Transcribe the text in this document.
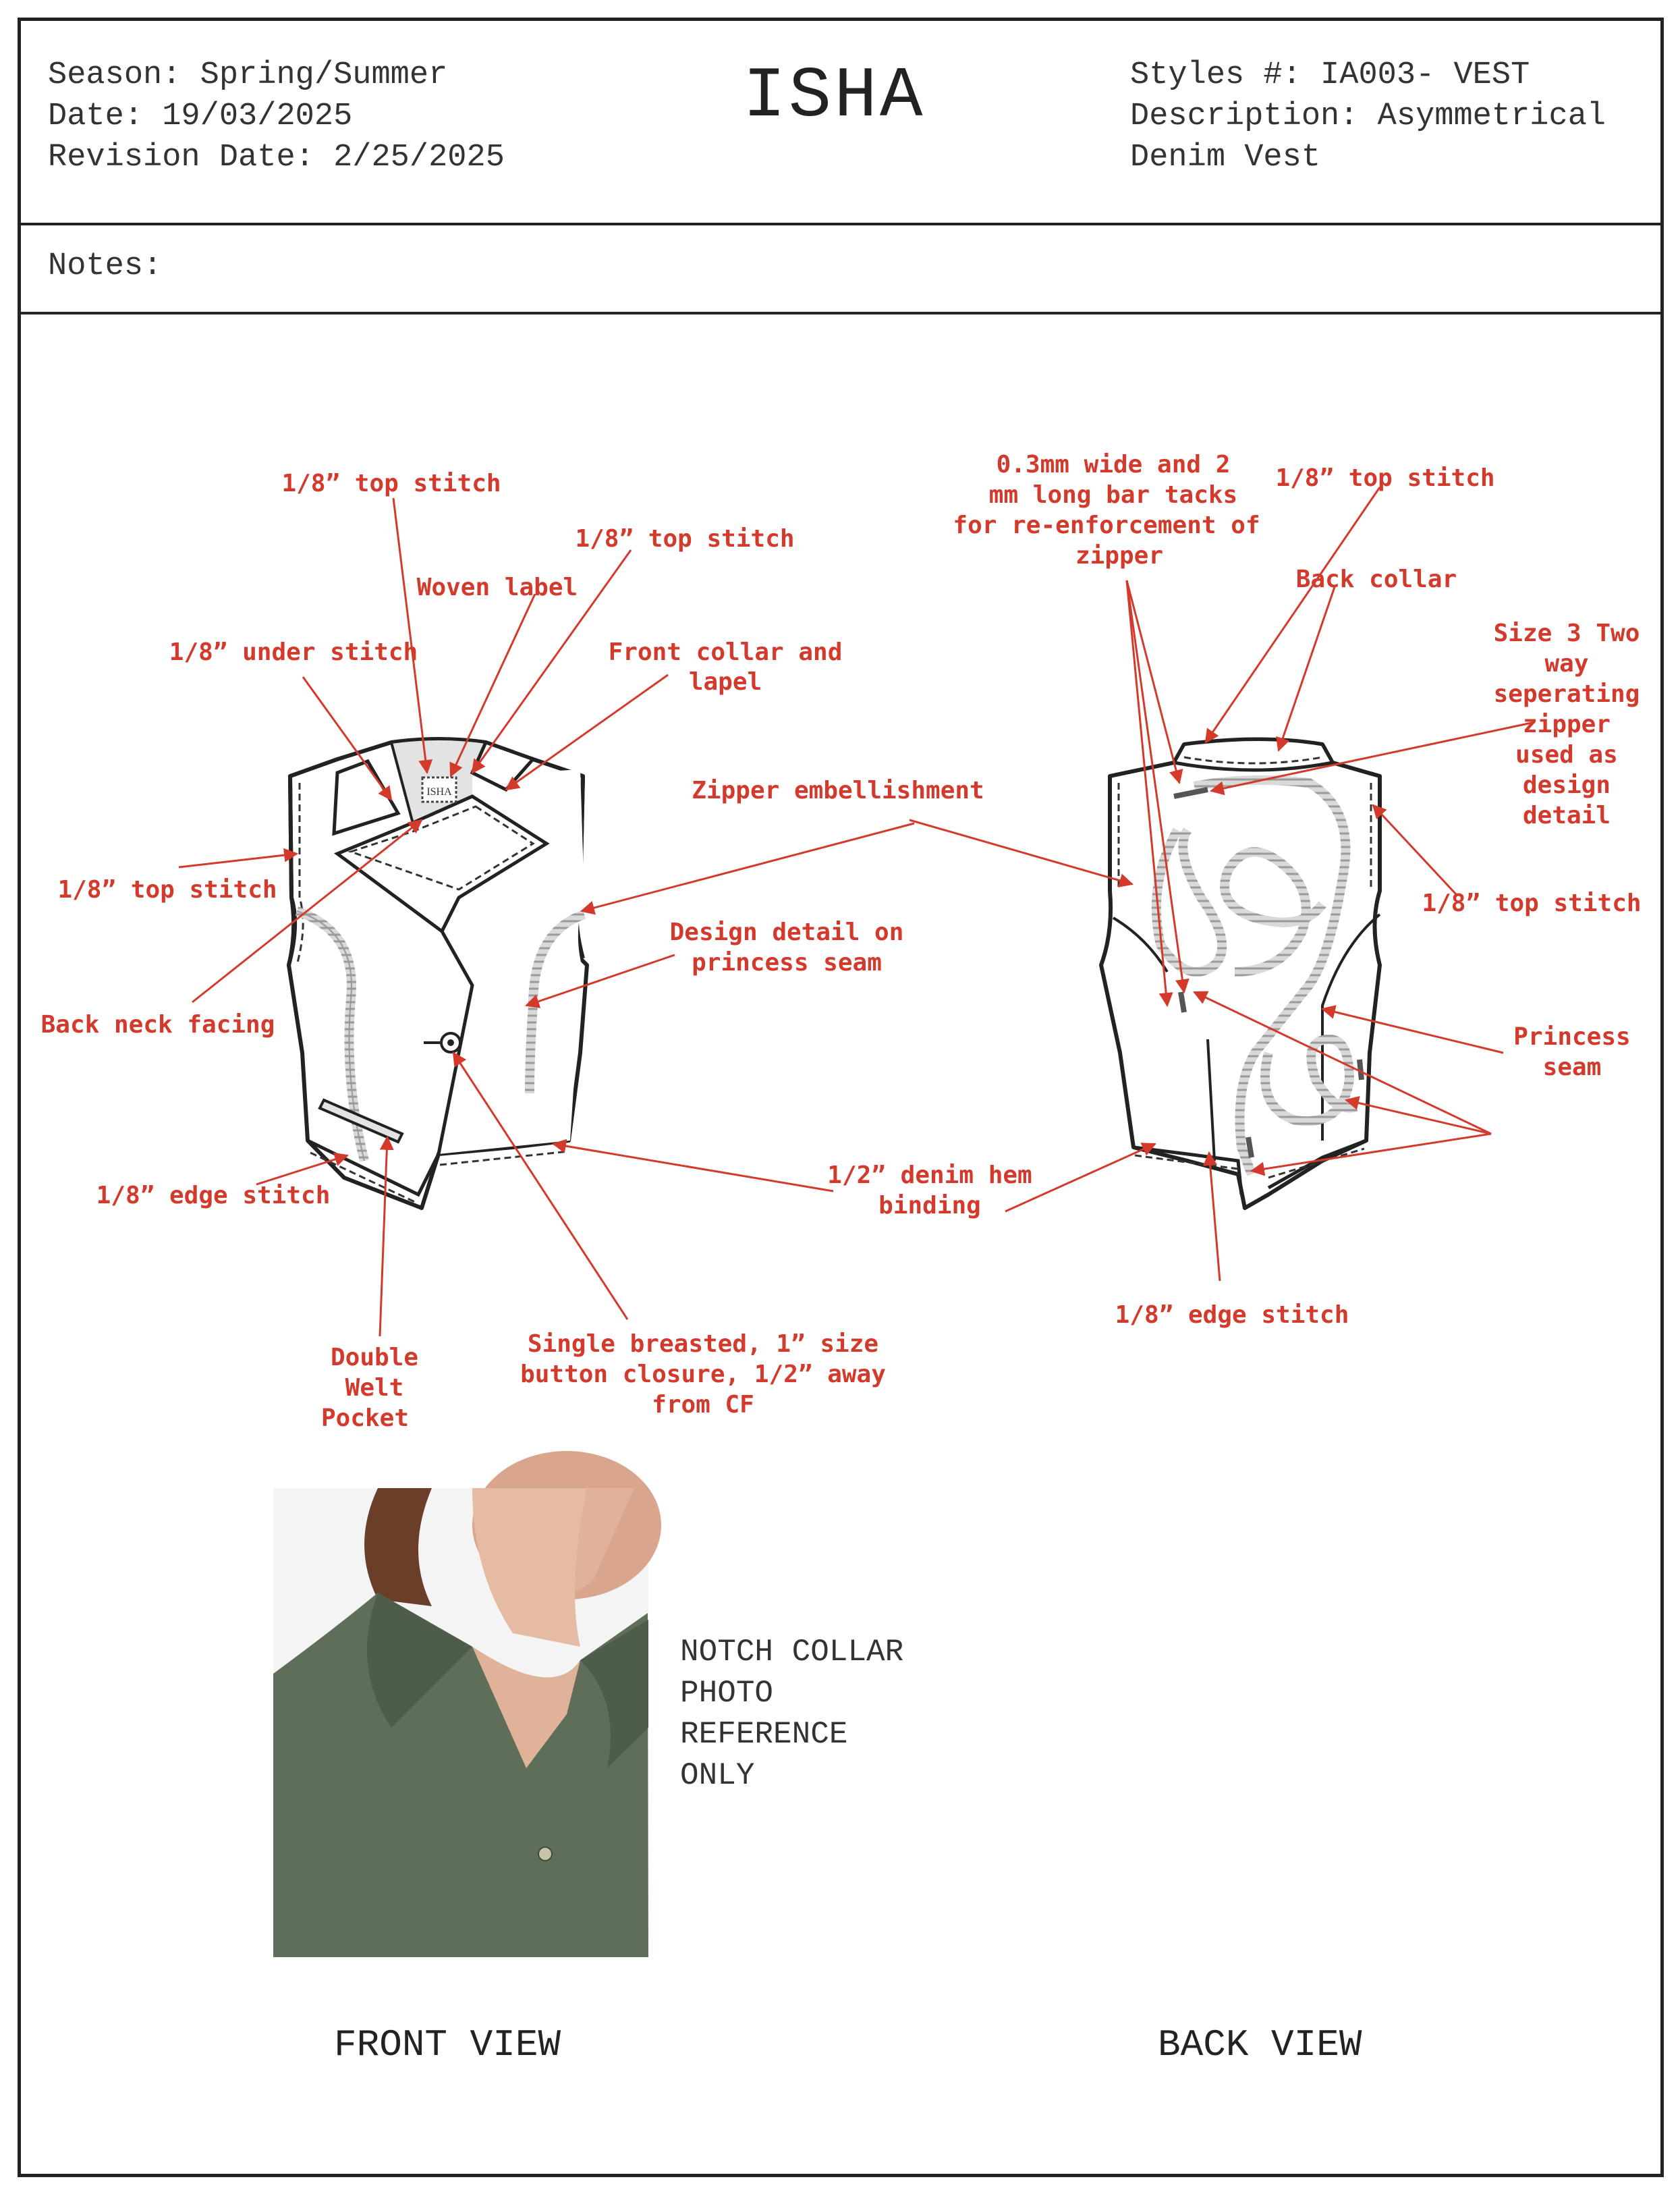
Season: Spring/Summer
Date: 19/03/2025
Revision Date: 2/25/2025
ISHA	Styles #: IA003- VEST
Description: Asymmetrical
Denim Vest
Notes:
ISHA
1/8” top stitch
1/8” top stitch
Woven label
1/8” under stitch	Front collar and
lapel
Zipper embellishment
1/8” top stitch
Design detail on
princess seam
Back neck facing
1/2” denim hem
binding
1/8” edge stitch
Double
Welt
Pocket
Single breasted, 1” size
button closure, 1/2” away
from CF
0.3mm wide and 2
mm long bar tacks
for re-enforcement of
zipper
1/8” top stitch
Back collar
Size 3 Two
way
seperating
zipper
used as
design
detail
1/8” top stitch
Princess
seam
1/8” edge stitch
NOTCH COLLAR
PHOTO
REFERENCE
ONLY
FRONT VIEW	BACK VIEW
